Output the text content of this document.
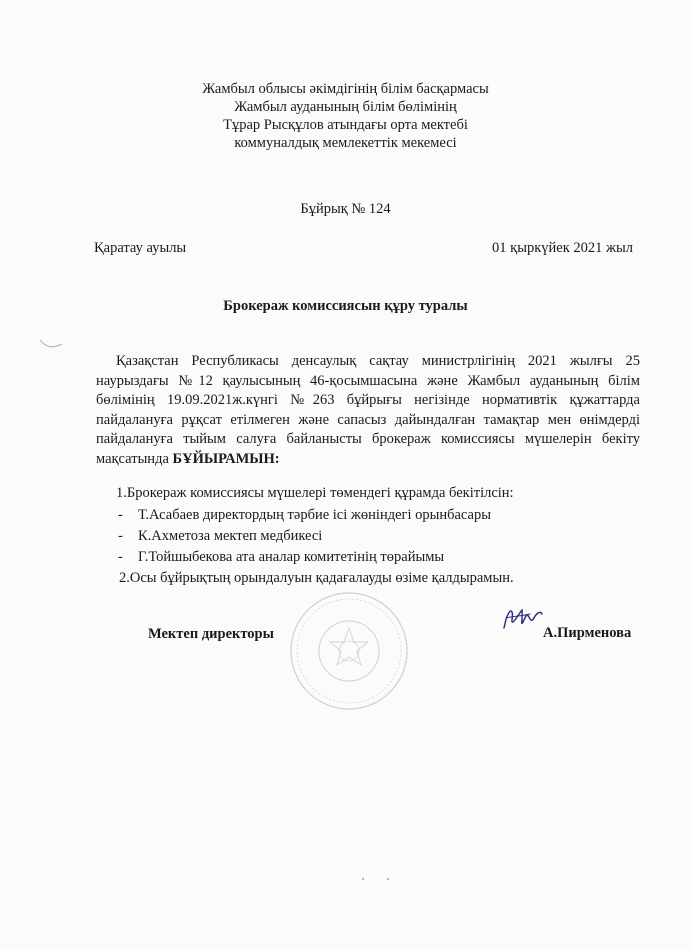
Жамбыл облысы әкімдігінің білім басқармасы
Жамбыл ауданының білім бөлімінің
Тұрар Рысқұлов атындағы орта мектебі
коммуналдық мемлекеттік мекемесі
Бұйрық № 124
Қаратау ауылы	01 қыркүйек 2021 жыл
Брокераж комиссиясын құру туралы
Қазақстан Республикасы денсаулық сақтау министрлігінің 2021 жылғы 25 наурыздағы №12 қаулысының 46-қосымшасына және Жамбыл ауданының білім бөлімінің 19.09.2021ж.күнгі №263 бұйрығы негізінде нормативтік құжаттарда пайдалануға рұқсат етілмеген және сапасыз дайындалған тамақтар мен өнімдерді пайдалануға тыйым салуға байланысты брокераж комиссиясы мүшелерін бекіту мақсатында БҰЙЫРАМЫН:
1.Брокераж комиссиясы мүшелері төмендегі құрамда бекітілсін:
- Т.Асабаев директордың тәрбие ісі жөніндегі орынбасары
- К.Ахметоза мектеп медбикесі
- Г.Тойшыбекова ата аналар комитетінің төрайымы
2.Осы бұйрықтың орындалуын қадағалауды өзіме қалдырамын.
Мектеп директоры	А.Пирменова
